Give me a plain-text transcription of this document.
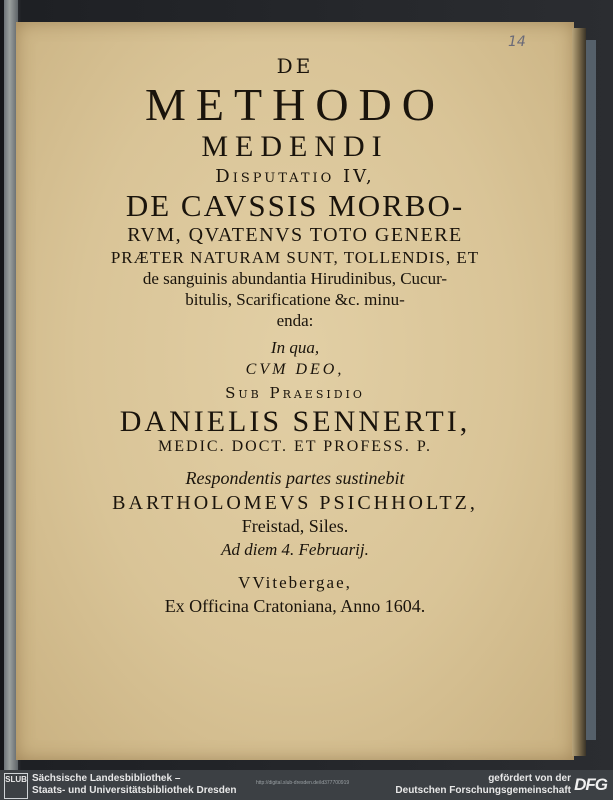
14
DE
METHODO
MEDENDI
Disputatio IV,
DE CAVSSIS MORBO-
RVM, QVATENVS TOTO GENERE
PRÆTER NATURAM SUNT, TOLLENDIS, ET
de sanguinis abundantia Hirudinibus, Cucur-
bitulis, Scarificatione &c. minu-
enda:
In qua,
CVM DEO,
Sub Praesidio
DANIELIS SENNERTI,
MEDIC. DOCT. ET PROFESS. P.
Respondentis partes sustinebit
BARTHOLOMEVS PSICHHOLTZ,
Freistad, Siles.
Ad diem 4. Februarij.
VVitebergae,
Ex Officina Cratoniana, Anno 1604.
SLUB Sächsische Landesbibliothek –
Staats- und Universitätsbibliothek Dresden
http://digital.slub-dresden.de/id377700919	gefördert von der
Deutschen Forschungsgemeinschaft DFG
